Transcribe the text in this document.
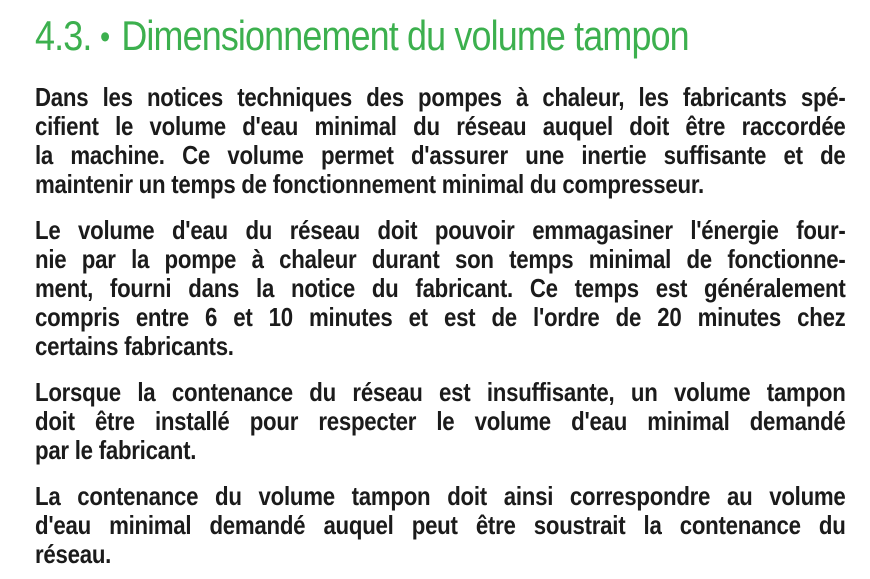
4.3. • Dimensionnement du volume tampon
Dans les notices techniques des pompes à chaleur, les fabricants spé-
cifient le volume d'eau minimal du réseau auquel doit être raccordée
la machine. Ce volume permet d'assurer une inertie suffisante et de
maintenir un temps de fonctionnement minimal du compresseur.
Le volume d'eau du réseau doit pouvoir emmagasiner l'énergie four-
nie par la pompe à chaleur durant son temps minimal de fonctionne-
ment, fourni dans la notice du fabricant. Ce temps est généralement
compris entre 6 et 10 minutes et est de l'ordre de 20 minutes chez
certains fabricants.
Lorsque la contenance du réseau est insuffisante, un volume tampon
doit être installé pour respecter le volume d'eau minimal demandé
par le fabricant.
La contenance du volume tampon doit ainsi correspondre au volume
d'eau minimal demandé auquel peut être soustrait la contenance du
réseau.
